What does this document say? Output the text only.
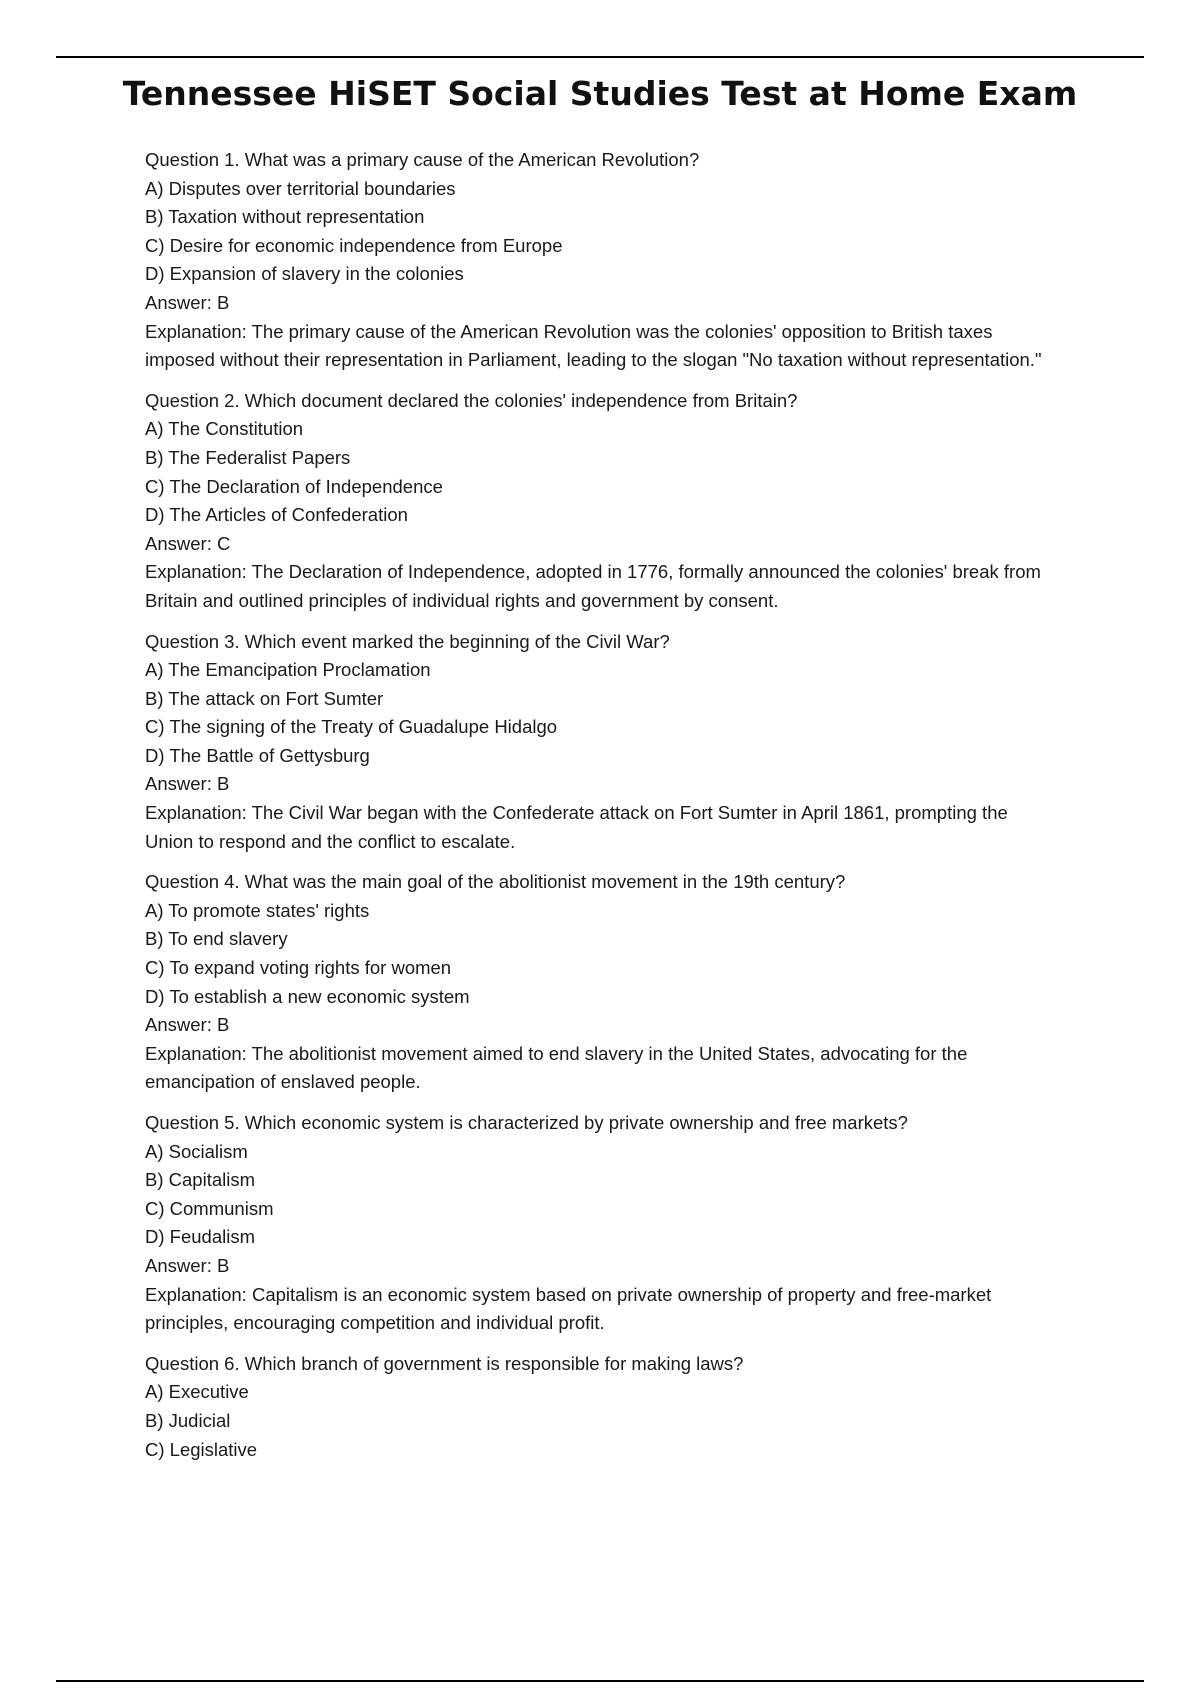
Tennessee HiSET Social Studies Test at Home Exam

Question 1. What was a primary cause of the American Revolution?

A) Disputes over territorial boundaries

B) Taxation without representation

C) Desire for economic independence from Europe

D) Expansion of slavery in the colonies

Answer: B

Explanation: The primary cause of the American Revolution was the colonies' opposition to British taxes imposed without their representation in Parliament, leading to the slogan "No taxation without representation."

Question 2. Which document declared the colonies' independence from Britain?

A) The Constitution

B) The Federalist Papers

C) The Declaration of Independence

D) The Articles of Confederation

Answer: C

Explanation: The Declaration of Independence, adopted in 1776, formally announced the colonies' break from Britain and outlined principles of individual rights and government by consent.

Question 3. Which event marked the beginning of the Civil War?

A) The Emancipation Proclamation

B) The attack on Fort Sumter

C) The signing of the Treaty of Guadalupe Hidalgo

D) The Battle of Gettysburg

Answer: B

Explanation: The Civil War began with the Confederate attack on Fort Sumter in April 1861, prompting the Union to respond and the conflict to escalate.

Question 4. What was the main goal of the abolitionist movement in the 19th century?

A) To promote states' rights

B) To end slavery

C) To expand voting rights for women

D) To establish a new economic system

Answer: B

Explanation: The abolitionist movement aimed to end slavery in the United States, advocating for the emancipation of enslaved people.

Question 5. Which economic system is characterized by private ownership and free markets?

A) Socialism

B) Capitalism

C) Communism

D) Feudalism

Answer: B

Explanation: Capitalism is an economic system based on private ownership of property and free-market principles, encouraging competition and individual profit.

Question 6. Which branch of government is responsible for making laws?

A) Executive

B) Judicial

C) Legislative
